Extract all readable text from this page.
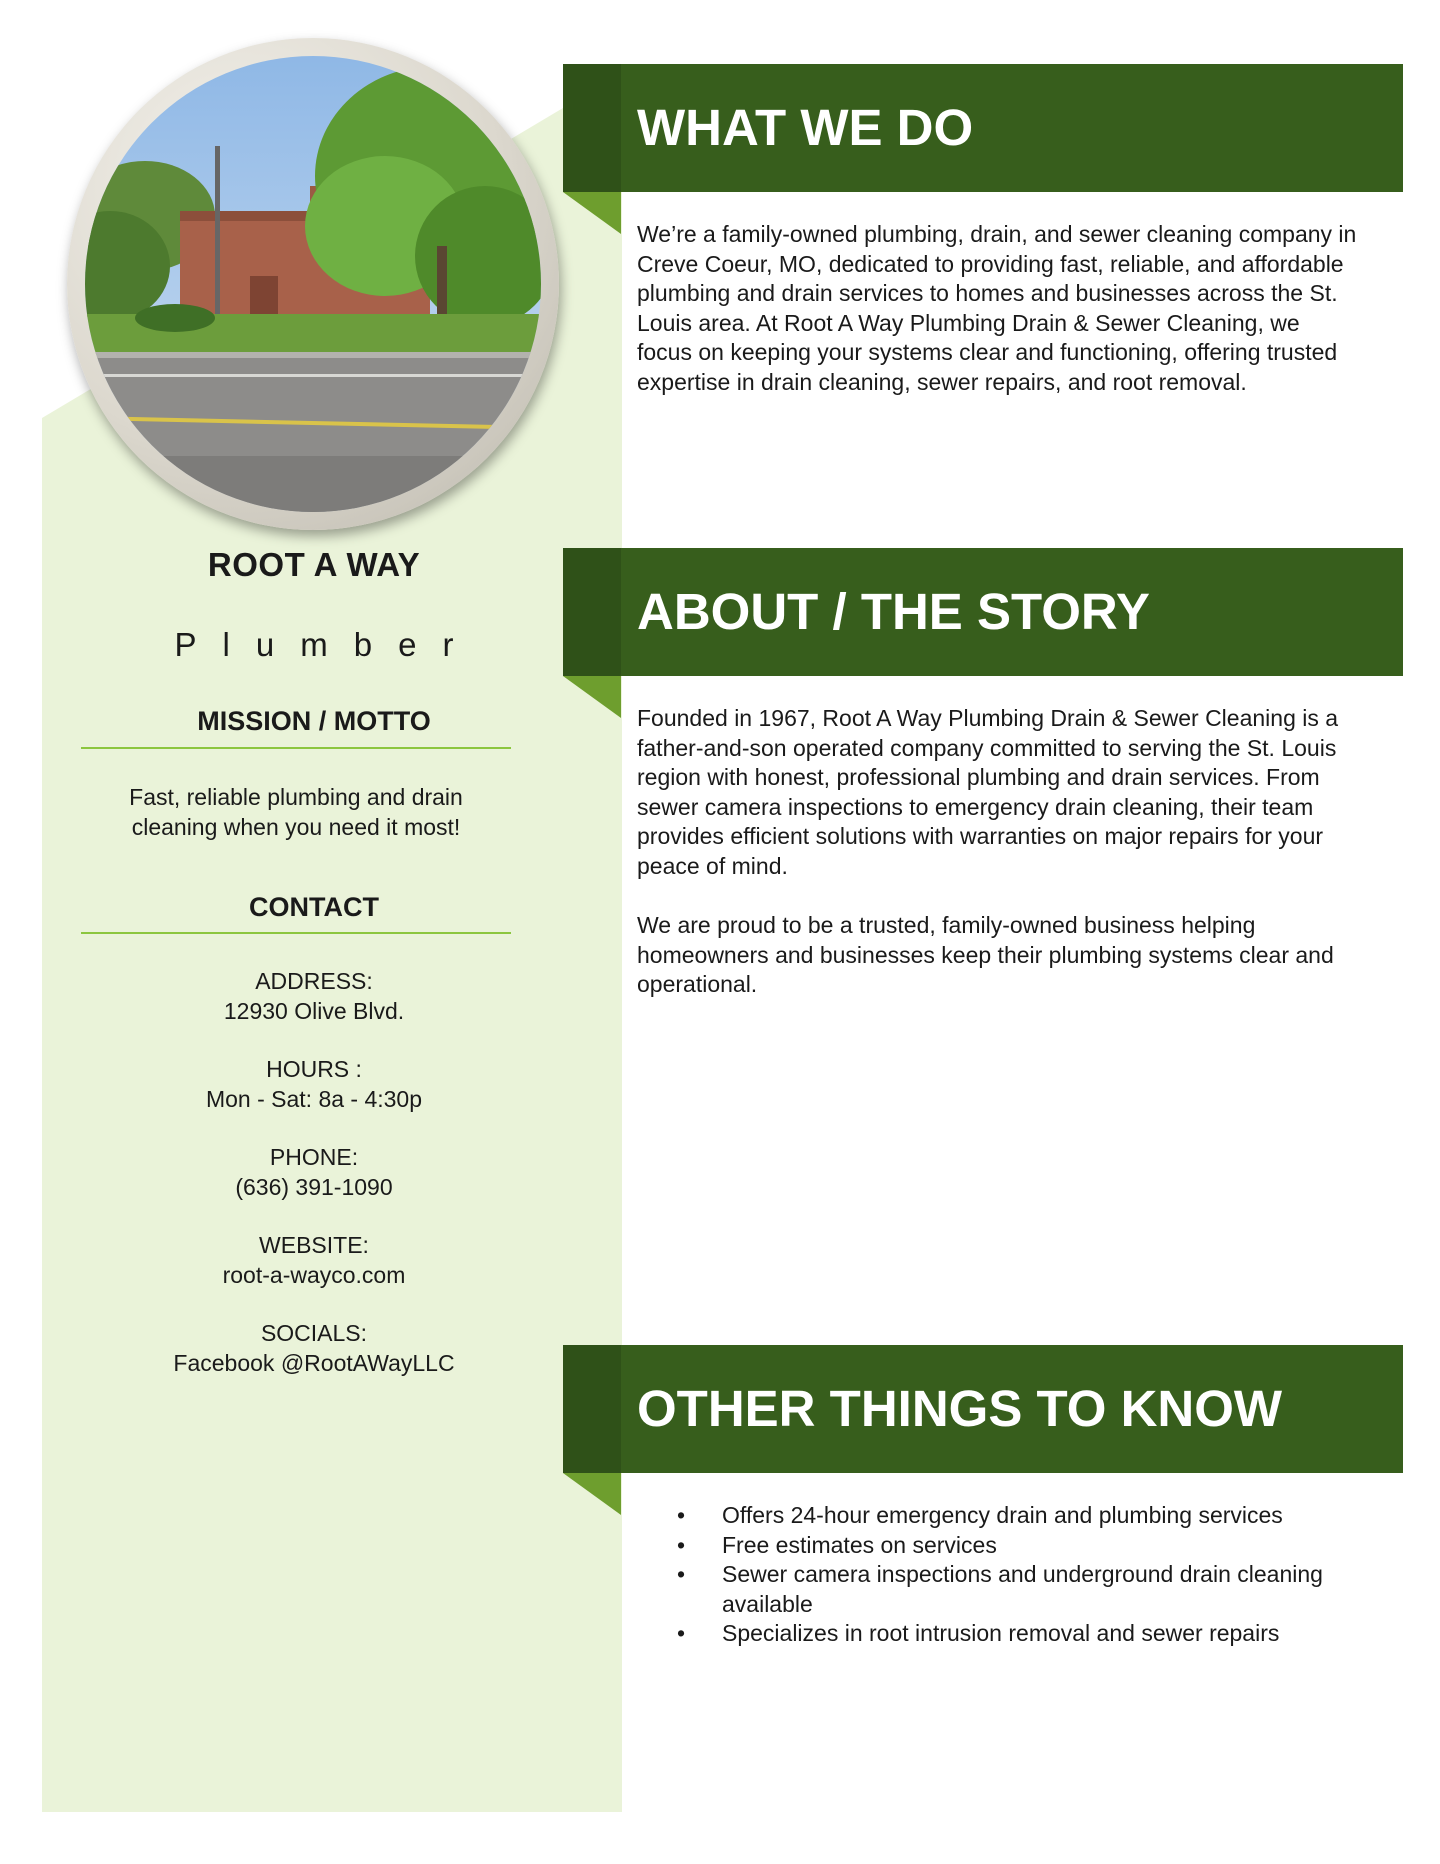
ROOT A WAY
Plumber
MISSION / MOTTO
Fast, reliable plumbing and drain cleaning when you need it most!
CONTACT
ADDRESS:
12930 Olive Blvd.
HOURS :
Mon - Sat: 8a - 4:30p
PHONE:
(636) 391-1090
WEBSITE:
root-a-wayco.com
SOCIALS:
Facebook @RootAWayLLC
WHAT WE DO
We’re a family-owned plumbing, drain, and sewer cleaning company in Creve Coeur, MO, dedicated to providing fast, reliable, and affordable plumbing and drain services to homes and businesses across the St. Louis area. At Root A Way Plumbing Drain & Sewer Cleaning, we focus on keeping your systems clear and functioning, offering trusted expertise in drain cleaning, sewer repairs, and root removal.
ABOUT / THE STORY

Founded in 1967, Root A Way Plumbing Drain & Sewer Cleaning is a father-and-son operated company committed to serving the St. Louis region with honest, professional plumbing and drain services. From sewer camera inspections to emergency drain cleaning, their team provides efficient solutions with warranties on major repairs for your peace of mind.

We are proud to be a trusted, family-owned business helping homeowners and businesses keep their plumbing systems clear and operational.

OTHER THINGS TO KNOW
• Offers 24-hour emergency drain and plumbing services
• Free estimates on services
• Sewer camera inspections and underground drain cleaning available
• Specializes in root intrusion removal and sewer repairs
